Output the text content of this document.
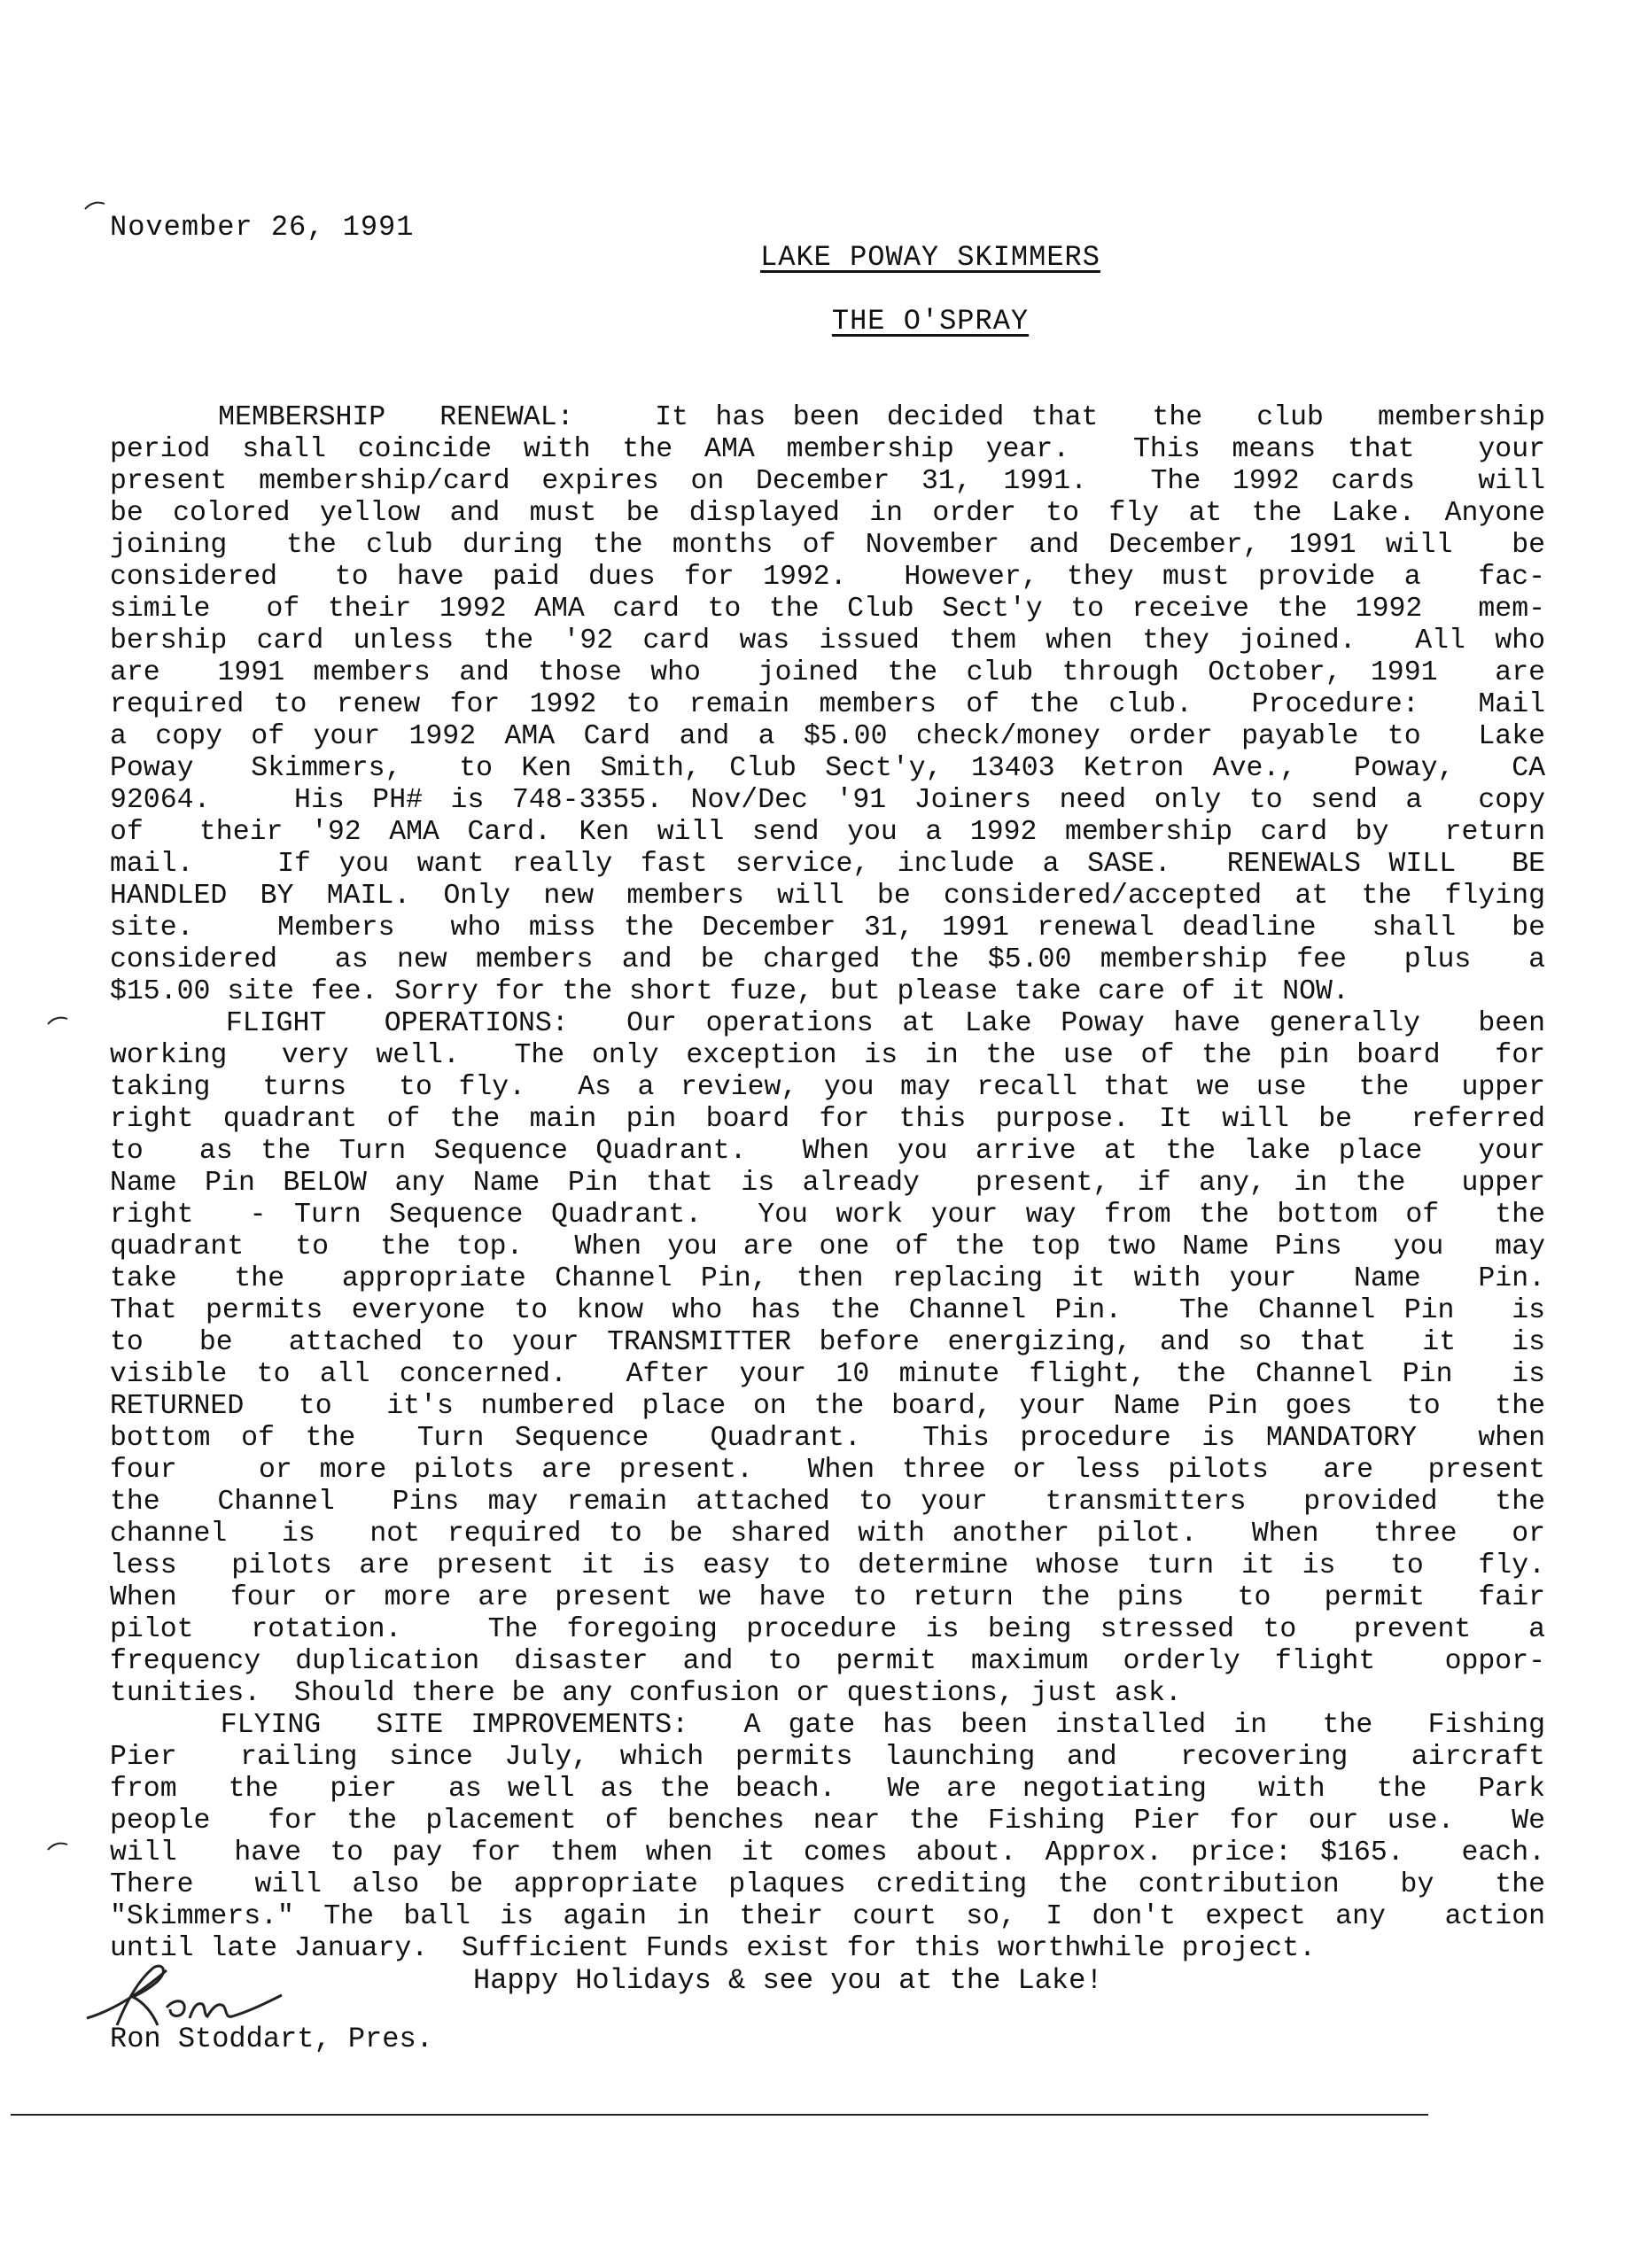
November 26, 1991
LAKE POWAY SKIMMERS
THE O'SPRAY
MEMBERSHIP  RENEWAL:   It has been decided that  the  club  membership
period shall coincide with the AMA membership year.  This means that  your
present membership/card expires on December 31, 1991.  The 1992 cards  will
be colored yellow and must be displayed in order to fly at the Lake. Anyone
joining  the club during the months of November and December, 1991 will  be
considered  to have paid dues for 1992.  However, they must provide a  fac-
simile  of their 1992 AMA card to the Club Sect'y to receive the 1992  mem-
bership card unless the '92 card was issued them when they joined.  All who
are  1991 members and those who  joined the club through October, 1991  are
required to renew for 1992 to remain members of the club.  Procedure:  Mail
a copy of your 1992 AMA Card and a $5.00 check/money order payable to  Lake
Poway  Skimmers,  to Ken Smith, Club Sect'y, 13403 Ketron Ave.,  Poway,  CA
92064.   His PH# is 748-3355. Nov/Dec '91 Joiners need only to send a  copy
of  their '92 AMA Card. Ken will send you a 1992 membership card by  return
mail.   If you want really fast service, include a SASE.  RENEWALS WILL  BE
HANDLED BY MAIL. Only new members will be considered/accepted at the flying
site.   Members  who miss the December 31, 1991 renewal deadline  shall  be
considered  as new members and be charged the $5.00 membership fee  plus  a
$15.00 site fee. Sorry for the short fuze, but please take care of it NOW.
FLIGHT  OPERATIONS:  Our operations at Lake Poway have generally  been
working  very well.  The only exception is in the use of the pin board  for
taking  turns  to fly.  As a review, you may recall that we use  the  upper
right quadrant of the main pin board for this purpose. It will be  referred
to  as the Turn Sequence Quadrant.  When you arrive at the lake place  your
Name Pin BELOW any Name Pin that is already  present, if any, in the  upper
right  - Turn Sequence Quadrant.  You work your way from the bottom of  the
quadrant  to  the top.  When you are one of the top two Name Pins  you  may
take  the  appropriate Channel Pin, then replacing it with your  Name  Pin.
That permits everyone to know who has the Channel Pin.  The Channel Pin  is
to  be  attached to your TRANSMITTER before energizing, and so that  it  is
visible to all concerned.  After your 10 minute flight, the Channel Pin  is
RETURNED  to  it's numbered place on the board, your Name Pin goes  to  the
bottom of the  Turn Sequence  Quadrant.  This procedure is MANDATORY  when
four   or more pilots are present.  When three or less pilots  are  present
the  Channel  Pins may remain attached to your  transmitters  provided  the
channel  is  not required to be shared with another pilot.  When  three  or
less  pilots are present it is easy to determine whose turn it is  to  fly.
When  four or more are present we have to return the pins  to  permit  fair
pilot  rotation.   The foregoing procedure is being stressed to  prevent  a
frequency duplication disaster and to permit maximum orderly flight  oppor-
tunities.  Should there be any confusion or questions, just ask.
FLYING  SITE IMPROVEMENTS:  A gate has been installed in  the  Fishing
Pier  railing since July, which permits launching and  recovering  aircraft
from  the  pier  as well as the beach.  We are negotiating  with  the  Park
people  for the placement of benches near the Fishing Pier for our use.  We
will  have to pay for them when it comes about. Approx. price: $165.  each.
There  will also be appropriate plaques crediting the contribution  by  the
"Skimmers." The ball is again in their court so, I don't expect any  action
until late January.  Sufficient Funds exist for this worthwhile project.
Happy Holidays & see you at the Lake!
Ron Stoddart, Pres.
